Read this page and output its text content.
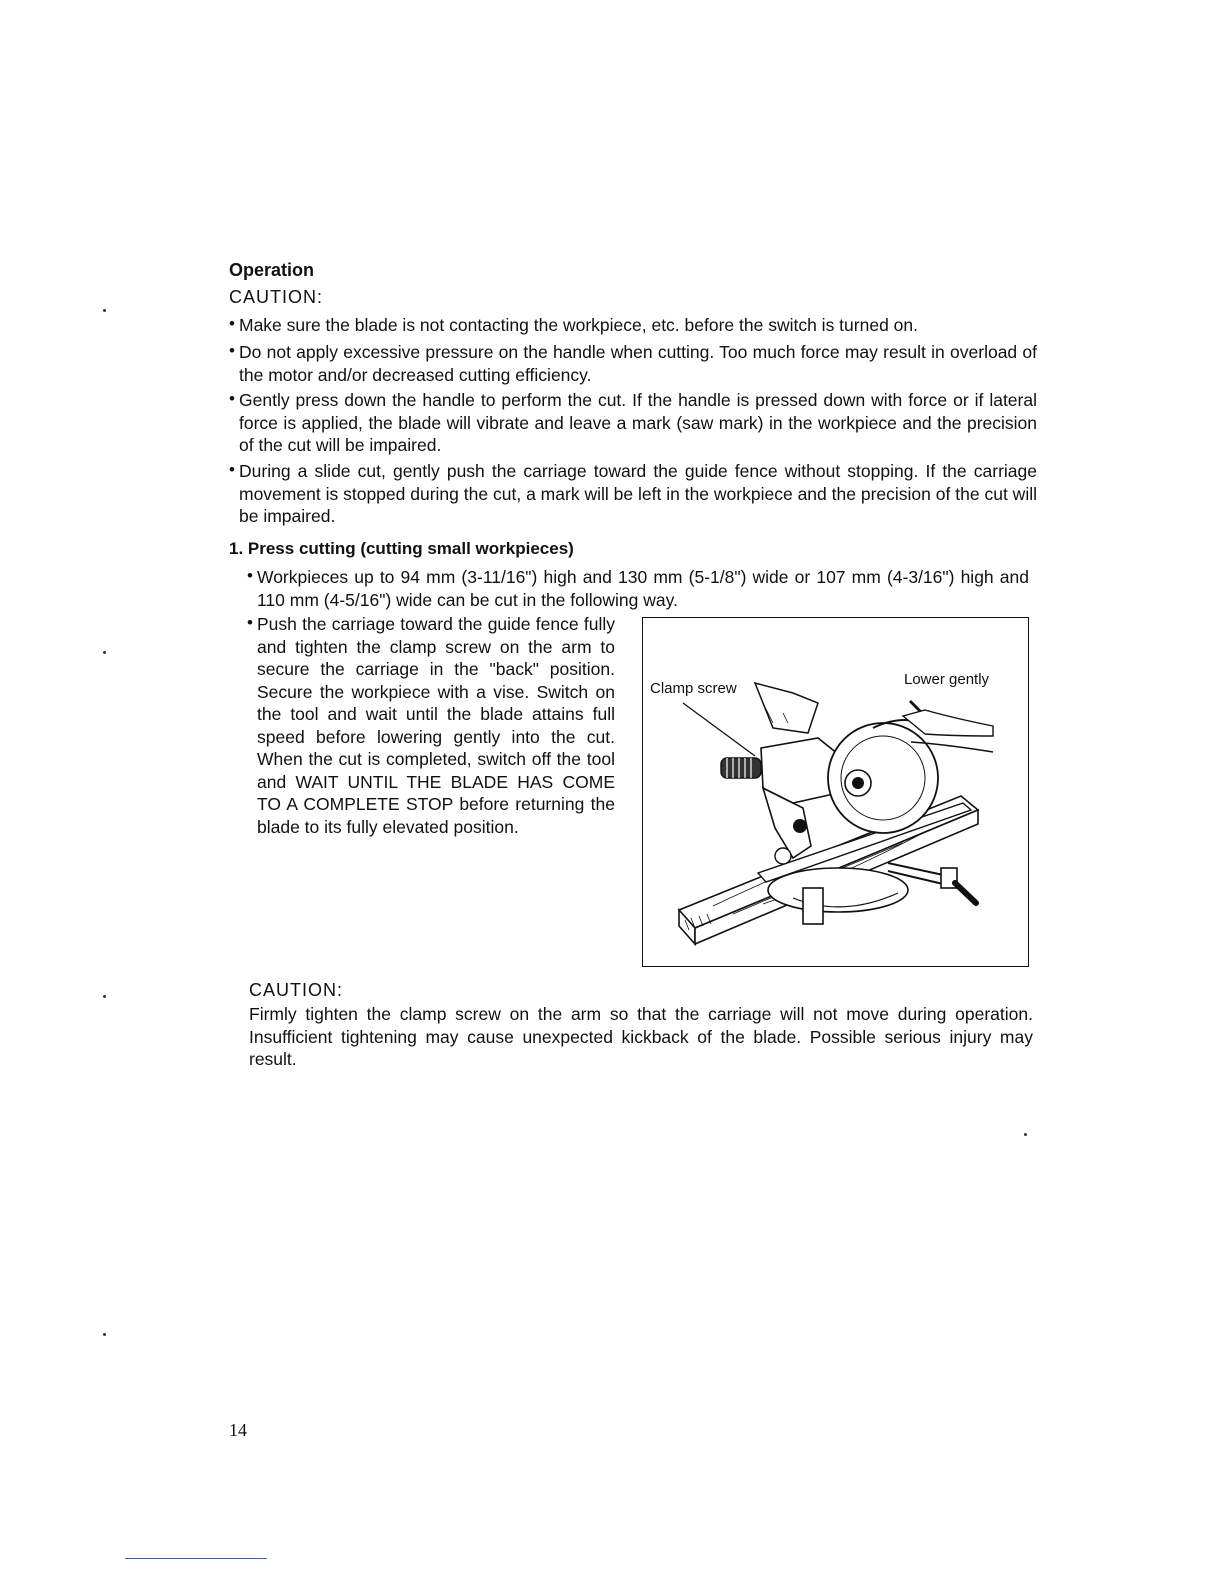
Operation
CAUTION:
• Make sure the blade is not contacting the workpiece, etc. before the switch is turned on.
• Do not apply excessive pressure on the handle when cutting. Too much force may result in overload of the motor and/or decreased cutting efficiency.
• Gently press down the handle to perform the cut. If the handle is pressed down with force or if lateral force is applied, the blade will vibrate and leave a mark (saw mark) in the workpiece and the precision of the cut will be impaired.
• During a slide cut, gently push the carriage toward the guide fence without stopping. If the carriage movement is stopped during the cut, a mark will be left in the workpiece and the precision of the cut will be impaired.
1. Press cutting (cutting small workpieces)
• Workpieces up to 94 mm (3-11/16") high and 130 mm (5-1/8") wide or 107 mm (4-3/16") high and 110 mm (4-5/16") wide can be cut in the following way.
• Push the carriage toward the guide fence fully and tighten the clamp screw on the arm to secure the carriage in the "back" position. Secure the workpiece with a vise. Switch on the tool and wait until the blade attains full speed before lowering gently into the cut. When the cut is completed, switch off the tool and WAIT UNTIL THE BLADE HAS COME TO A COMPLETE STOP before returning the blade to its fully elevated position.
Clamp screw
Lower gently
CAUTION:
Firmly tighten the clamp screw on the arm so that the carriage will not move during operation. Insufficient tightening may cause unexpected kickback of the blade. Possible serious injury may result.
14
